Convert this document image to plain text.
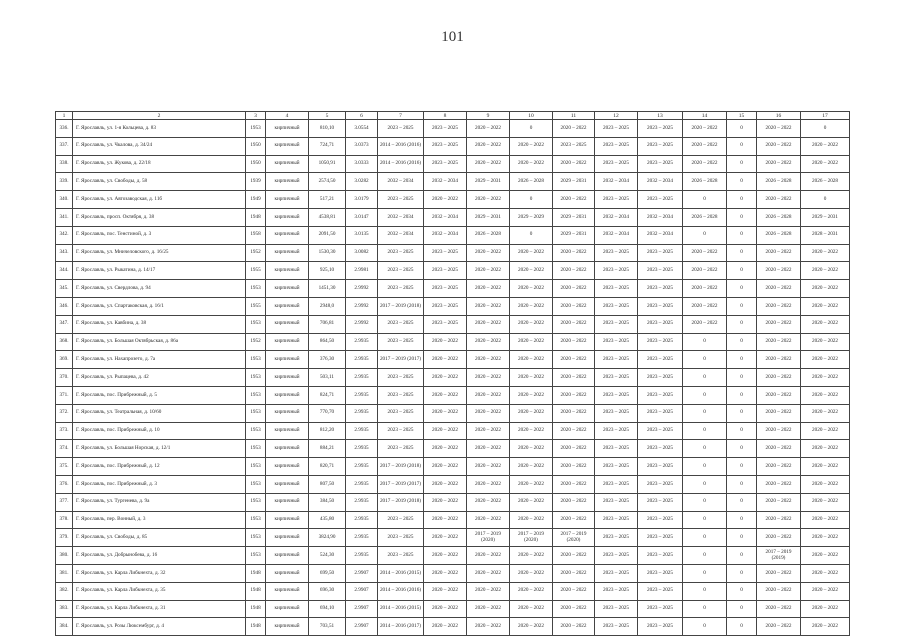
101
1	2	3	4	5	6	7	8	9	10	11	12	13	14	15	16	17
336.	Г. Ярославль, ул. 1-я Кольцева, д. 83	1953	кирпичный	810,10	3.0554	2023 – 2025	2023 – 2025	2020 – 2022	0	2020 – 2022	2023 – 2025	2023 – 2025	2020 – 2022	0	2020 – 2022	0
337.	Г. Ярославль, ул. Чкалова, д. 34/24	1950	кирпичный	724,71	3.0373	2014 – 2016 (2016)	2023 – 2025	2020 – 2022	2020 – 2022	2023 – 2025	2023 – 2025	2023 – 2025	2020 – 2022	0	2020 – 2022	2020 – 2022
338.	Г. Ярославль, ул. Жукова, д. 22/18	1950	кирпичный	1050,91	3.0333	2014 – 2016 (2016)	2023 – 2025	2020 – 2022	2020 – 2022	2020 – 2022	2023 – 2025	2023 – 2025	2020 – 2022	0	2020 – 2022	2020 – 2022
339.	Г. Ярославль, ул. Свободы, д. 58	1939	кирпичный	2574,50	3.0282	2032 – 2034	2032 – 2034	2029 – 2031	2026 – 2028	2029 – 2031	2032 – 2034	2032 – 2034	2026 – 2028	0	2026 – 2028	2026 – 2028
340.	Г. Ярославль, ул. Автозаводская, д. 11б	1949	кирпичный	517,21	3.0179	2023 – 2025	2020 – 2022	2020 – 2022	0	2020 – 2022	2023 – 2025	2023 – 2025	0	0	2020 – 2022	0
341.	Г. Ярославль, просп. Октября, д. 38	1948	кирпичный	4538,81	3.0147	2032 – 2034	2032 – 2034	2029 – 2031	2029 – 2029	2029 – 2031	2032 – 2034	2032 – 2034	2026 – 2028	0	2026 – 2028	2029 – 2031
342.	Г. Ярославль, пос. Тенстиной, д. 3	1958	кирпичный	2091,50	3.0135	2032 – 2034	2032 – 2034	2026 – 2028	0	2029 – 2031	2032 – 2034	2032 – 2034	0	0	2026 – 2028	2028 – 2031
343.	Г. Ярославль, ул. Мничеловского, д. 16/25	1952	кирпичный	1530,30	3.0082	2023 – 2025	2023 – 2025	2020 – 2022	2020 – 2022	2020 – 2022	2023 – 2025	2023 – 2025	2020 – 2022	0	2020 – 2022	2020 – 2022
344.	Г. Ярославль, ул. Рыкатина, д. 14/17	1955	кирпичный	925,10	2.9981	2023 – 2025	2023 – 2025	2020 – 2022	2020 – 2022	2020 – 2022	2023 – 2025	2023 – 2025	2020 – 2022	0	2020 – 2022	2020 – 2022
345.	Г. Ярославль, ул. Свердлова, д. 94	1953	кирпичный	1451,30	2.9992	2023 – 2025	2023 – 2025	2020 – 2022	2020 – 2022	2020 – 2022	2023 – 2025	2023 – 2025	2020 – 2022	0	2020 – 2022	2020 – 2022
346.	Г. Ярославль, ул. Спартаковская, д. 16/1	1955	кирпичный	2948,0	2.9992	2017 – 2019 (2018)	2023 – 2025	2020 – 2022	2020 – 2022	2020 – 2022	2023 – 2025	2023 – 2025	2020 – 2022	0	2020 – 2022	2020 – 2022
347.	Г. Ярославль, ул. Кавбина, д. 38	1953	кирпичный	706,81	2.9992	2023 – 2025	2023 – 2025	2020 – 2022	2020 – 2022	2020 – 2022	2023 – 2025	2023 – 2025	2020 – 2022	0	2020 – 2022	2020 – 2022
368.	Г. Ярославль, ул. Большая Октябрьская, д. 86а	1952	кирпичный	864,50	2.9935	2023 – 2025	2020 – 2022	2020 – 2022	2020 – 2022	2020 – 2022	2023 – 2025	2023 – 2025	0	0	2020 – 2022	2020 – 2022
369.	Г. Ярославль, ул. Нахапрозето, д. 7а	1953	кирпичный	376,30	2.9935	2017 – 2019 (2017)	2020 – 2022	2020 – 2022	2020 – 2022	2020 – 2022	2023 – 2025	2023 – 2025	0	0	2020 – 2022	2020 – 2022
370.	Г. Ярославль, ул. Рыпацева, д. 42	1953	кирпичный	503,11	2.9935	2023 – 2025	2020 – 2022	2020 – 2022	2020 – 2022	2020 – 2022	2023 – 2025	2023 – 2025	0	0	2020 – 2022	2020 – 2022
371.	Г. Ярославль, пос. Прибрежный, д. 5	1953	кирпичный	824,71	2.9935	2023 – 2025	2020 – 2022	2020 – 2022	2020 – 2022	2020 – 2022	2023 – 2025	2023 – 2025	0	0	2020 – 2022	2020 – 2022
372.	Г. Ярославль, ул. Театральная, д. 10/60	1953	кирпичный	770,70	2.9935	2023 – 2025	2020 – 2022	2020 – 2022	2020 – 2022	2020 – 2022	2023 – 2025	2023 – 2025	0	0	2020 – 2022	2020 – 2022
373.	Г. Ярославль, пос. Прибрежный, д. 10	1953	кирпичный	812,20	2.9935	2023 – 2025	2020 – 2022	2020 – 2022	2020 – 2022	2020 – 2022	2023 – 2025	2023 – 2025	0	0	2020 – 2022	2020 – 2022
374.	Г. Ярославль, ул. Большая Норская, д. 12/1	1953	кирпичный	884,21	2.9935	2023 – 2025	2020 – 2022	2020 – 2022	2020 – 2022	2020 – 2022	2023 – 2025	2023 – 2025	0	0	2020 – 2022	2020 – 2022
375.	Г. Ярославль, пос. Прибрежный, д. 12	1953	кирпичный	820,71	2.9935	2017 – 2019 (2018)	2020 – 2022	2020 – 2022	2020 – 2022	2020 – 2022	2023 – 2025	2023 – 2025	0	0	2020 – 2022	2020 – 2022
376.	Г. Ярославль, пос. Прибрежный, д. 3	1953	кирпичный	807,50	2.9935	2017 – 2019 (2017)	2020 – 2022	2020 – 2022	2020 – 2022	2020 – 2022	2023 – 2025	2023 – 2025	0	0	2020 – 2022	2020 – 2022
377.	Г. Ярославль, ул. Тургенева, д. 9а	1953	кирпичный	384,50	2.9935	2017 – 2019 (2018)	2020 – 2022	2020 – 2022	2020 – 2022	2020 – 2022	2023 – 2025	2023 – 2025	0	0	2020 – 2022	2020 – 2022
378.	Г. Ярославль, пер. Вонный, д. 3	1953	кирпичный	435,80	2.9935	2023 – 2025	2020 – 2022	2020 – 2022	2020 – 2022	2020 – 2022	2023 – 2025	2023 – 2025	0	0	2020 – 2022	2020 – 2022
379.	Г. Ярославль, ул. Свободы, д. 85	1953	кирпичный	3824,90	2.9935	2023 – 2025	2020 – 2022	2017 – 2019 (2020)	2017 – 2019 (2020)	2017 – 2019 (2020)	2023 – 2025	2023 – 2025	0	0	2020 – 2022	2020 – 2022
380.	Г. Ярославль, ул. Добрынобева, д. 16	1953	кирпичный	524,30	2.9935	2023 – 2025	2020 – 2022	2020 – 2022	2020 – 2022	2020 – 2022	2023 – 2025	2023 – 2025	0	0	2017 – 2019 (2019)	2020 – 2022
381.	Г. Ярославль, ул. Карла Либкнехта, д. 32	1948	кирпичный	699,50	2.9907	2014 – 2016 (2015)	2020 – 2022	2020 – 2022	2020 – 2022	2020 – 2022	2023 – 2025	2023 – 2025	0	0	2020 – 2022	2020 – 2022
382.	Г. Ярославль, ул. Карла Либкнехта, д. 35	1948	кирпичный	696,30	2.9907	2014 – 2016 (2016)	2020 – 2022	2020 – 2022	2020 – 2022	2020 – 2022	2023 – 2025	2023 – 2025	0	0	2020 – 2022	2020 – 2022
383.	Г. Ярославль, ул. Карла Либкнехта, д. 31	1948	кирпичный	694,10	2.9907	2014 – 2016 (2015)	2020 – 2022	2020 – 2022	2020 – 2022	2020 – 2022	2023 – 2025	2023 – 2025	0	0	2020 – 2022	2020 – 2022
384.	Г. Ярославль, ул. Розы Люксембург, д. 4	1948	кирпичный	703,51	2.9907	2014 – 2016 (2017)	2020 – 2022	2020 – 2022	2020 – 2022	2020 – 2022	2023 – 2025	2023 – 2025	0	0	2020 – 2022	2020 – 2022
